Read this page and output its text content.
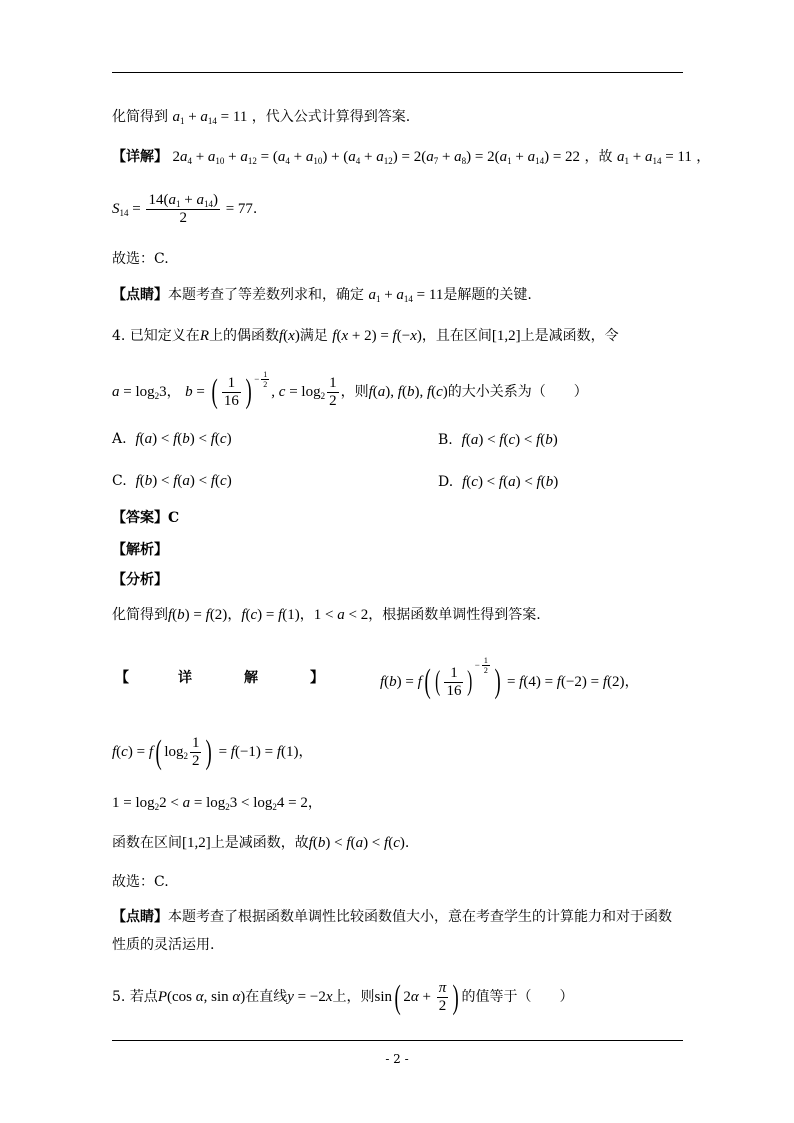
化简得到 $a_1 + a_{14} = 11$ ，代入公式计算得到答案.
【详解】 $2a_4 + a_{10} + a_{12} = (a_4 + a_{10}) + (a_4 + a_{12}) = 2(a_7 + a_8) = 2(a_1 + a_{14}) = 22$ ，故 $a_1 + a_{14} = 11$ ，
$S_{14} = \frac{14(a_1 + a_{14})}{2} = 77$.
故选：C.
【点睛】本题考查了等差数列求和，确定 $a_1 + a_{14} = 11$是解题的关键.
4. 已知定义在R上的偶函数f(x)满足 f(x + 2) = f(−x)，且在区间[1,2]上是减函数，令
$a = \log_23$， b = ( $\frac{1}{16}$ ) $^{- \frac{1}{2}}$
, $c = \log_2 \frac{1}{2}$ ，则f(a), f(b), f(c)的大小关系为（　　）
A. f(a) < f(b) < f(c)	B. f(a) < f(c) < f(b)
C. f(b) < f(a) < f(c)	D. f(c) < f(a) < f(b)
【答案】C
【解析】
【分析】
化简得到f(b) = f(2)，f(c) = f(1)，1 < a < 2，根据函数单调性得到答案.
【	详	解	】	f(b) = f( ( $\frac{1}{16} )^{- \frac{1}{2}}$ ) = f(4) = f(−2) = f(2)，
f(c) = f( $\log_2 \frac{1}{2}$ ) = f(−1) = f(1)，
$1 = \log_22 < a = \log_23 < \log_24 = 2$，
函数在区间[1,2]上是减函数，故f(b) < f(a) < f(c).
故选：C.
【点睛】本题考查了根据函数单调性比较函数值大小，意在考查学生的计算能力和对于函数
性质的灵活运用.
5. 若点P(cos α, sin α)在直线y = −2x上，则sin( $2\alpha + \frac{\pi}{2}$ ) 的值等于（　　）
- 2 -
